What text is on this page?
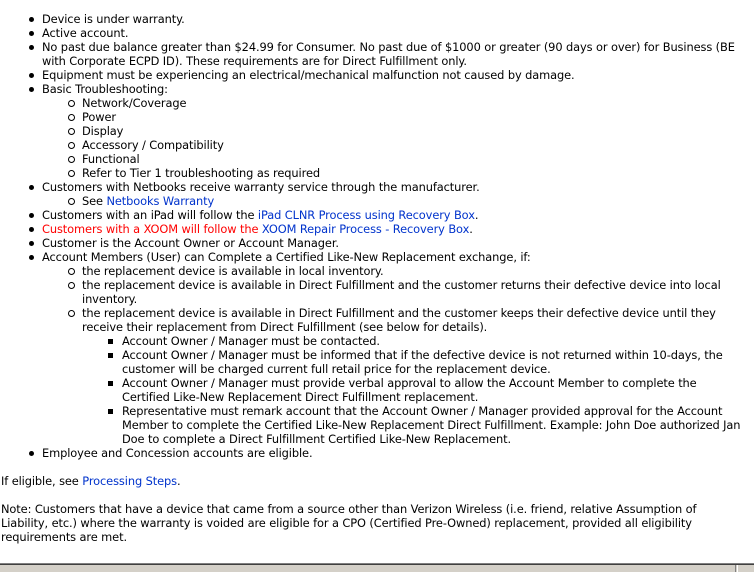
Device is under warranty.
Active account.
No past due balance greater than $24.99 for Consumer. No past due of $1000 or greater (90 days or over) for Business (BE with Corporate ECPD ID). These requirements are for Direct Fulfillment only.
Equipment must be experiencing an electrical/mechanical malfunction not caused by damage.
Basic Troubleshooting:
Network/Coverage
Power
Display
Accessory / Compatibility
Functional
Refer to Tier 1 troubleshooting as required
Customers with Netbooks receive warranty service through the manufacturer.
See Netbooks Warranty
Customers with an iPad will follow the iPad CLNR Process using Recovery Box.
Customers with a XOOM will follow the XOOM Repair Process - Recovery Box.
Customer is the Account Owner or Account Manager.
Account Members (User) can Complete a Certified Like-New Replacement exchange, if:
the replacement device is available in local inventory.
the replacement device is available in Direct Fulfillment and the customer returns their defective device into local inventory.
the replacement device is available in Direct Fulfillment and the customer keeps their defective device until they receive their replacement from Direct Fulfillment (see below for details).
Account Owner / Manager must be contacted.
Account Owner / Manager must be informed that if the defective device is not returned within 10-days, the customer will be charged current full retail price for the replacement device.
Account Owner / Manager must provide verbal approval to allow the Account Member to complete the Certified Like-New Replacement Direct Fulfillment replacement.
Representative must remark account that the Account Owner / Manager provided approval for the Account Member to complete the Certified Like-New Replacement Direct Fulfillment. Example: John Doe authorized Jan Doe to complete a Direct Fulfillment Certified Like-New Replacement.
Employee and Concession accounts are eligible.

If eligible, see Processing Steps.

Note: Customers that have a device that came from a source other than Verizon Wireless (i.e. friend, relative Assumption of Liability, etc.) where the warranty is voided are eligible for a CPO (Certified Pre-Owned) replacement, provided all eligibility requirements are met.
